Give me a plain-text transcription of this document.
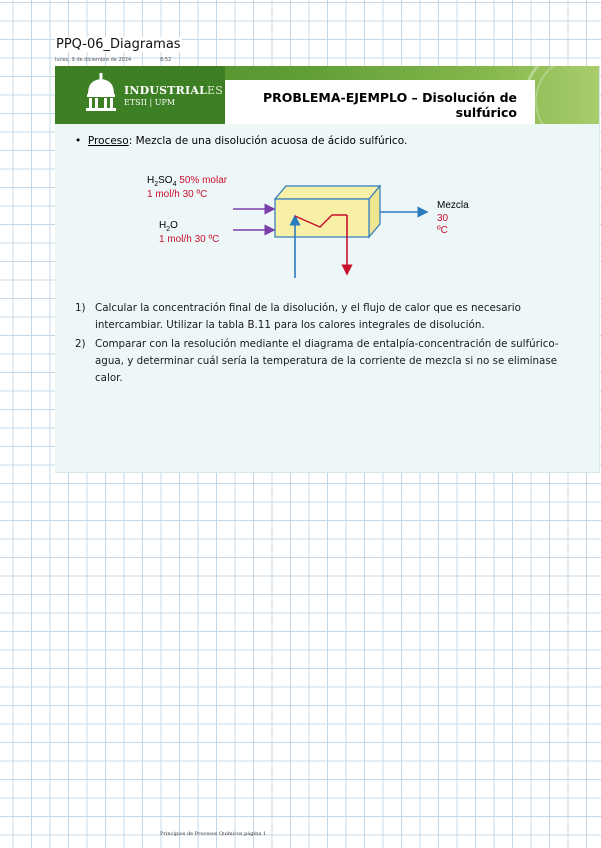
PPQ-06_Diagramas
lunes, 9 de diciembre de 2024	8:52
INDUSTRIALES
ETSII | UPM	PROBLEMA-EJEMPLO – Disolución de
sulfúrico
• Proceso: Mezcla de una disolución acuosa de ácido sulfúrico.
$H_2SO_4$ 50% molar
1 mol/h 30 ºC
$H_2O$
1 mol/h 30 ºC
Mezcla
30 ºC
1) Calcular la concentración final de la disolución, y el flujo de calor que es necesario intercambiar. Utilizar la tabla B.11 para los calores integrales de disolución.
2) Comparar con la resolución mediante el diagrama de entalpía-concentración de sulfúrico-agua, y determinar cuál sería la temperatura de la corriente de mezcla si no se eliminase calor.
Principios de Procesos Químicos página 1
